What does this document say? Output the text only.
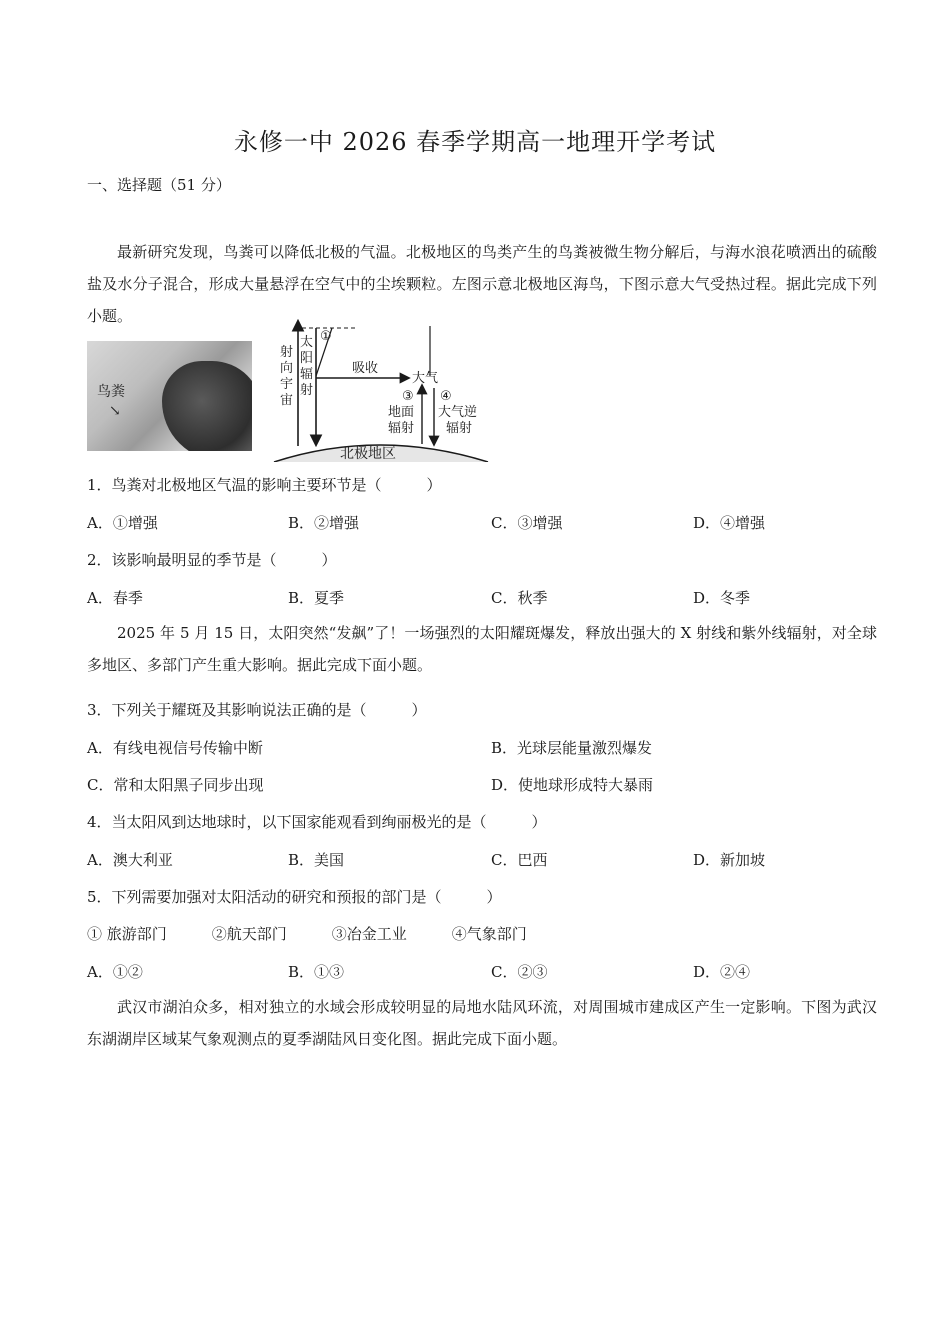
永修一中 2026 春季学期高一地理开学考试
一、选择题（51 分）
最新研究发现，鸟粪可以降低北极的气温。北极地区的鸟类产生的鸟粪被微生物分解后，与海水浪花喷洒出的硫酸盐及水分子混合，形成大量悬浮在空气中的尘埃颗粒。左图示意北极地区海鸟，下图示意大气受热过程。据此完成下列小题。
鸟粪
↘
①
射
向
宇
宙
太
阳
辐
射
吸收
大气
③
地面
辐射
④
大气逆
辐射
北极地区
1．鸟粪对北极地区气温的影响主要环节是（　　　）
A．①增强	B．②增强	C．③增强	D．④增强
2．该影响最明显的季节是（　　　）
A．春季	B．夏季	C．秋季	D．冬季
2025 年 5 月 15 日，太阳突然“发飙”了！一场强烈的太阳耀斑爆发，释放出强大的 X 射线和紫外线辐射，对全球多地区、多部门产生重大影响。据此完成下面小题。
3．下列关于耀斑及其影响说法正确的是（　　　）
A．有线电视信号传输中断	B．光球层能量激烈爆发
C．常和太阳黑子同步出现	D．使地球形成特大暴雨
4．当太阳风到达地球时，以下国家能观看到绚丽极光的是（　　　）
A．澳大利亚	B．美国	C．巴西	D．新加坡
5．下列需要加强对太阳活动的研究和预报的部门是（　　　）
① 旅游部门　　　②航天部门　　　③冶金工业　　　④气象部门
A．①②	B．①③	C．②③	D．②④
武汉市湖泊众多，相对独立的水域会形成较明显的局地水陆风环流，对周围城市建成区产生一定影响。下图为武汉东湖湖岸区域某气象观测点的夏季湖陆风日变化图。据此完成下面小题。
